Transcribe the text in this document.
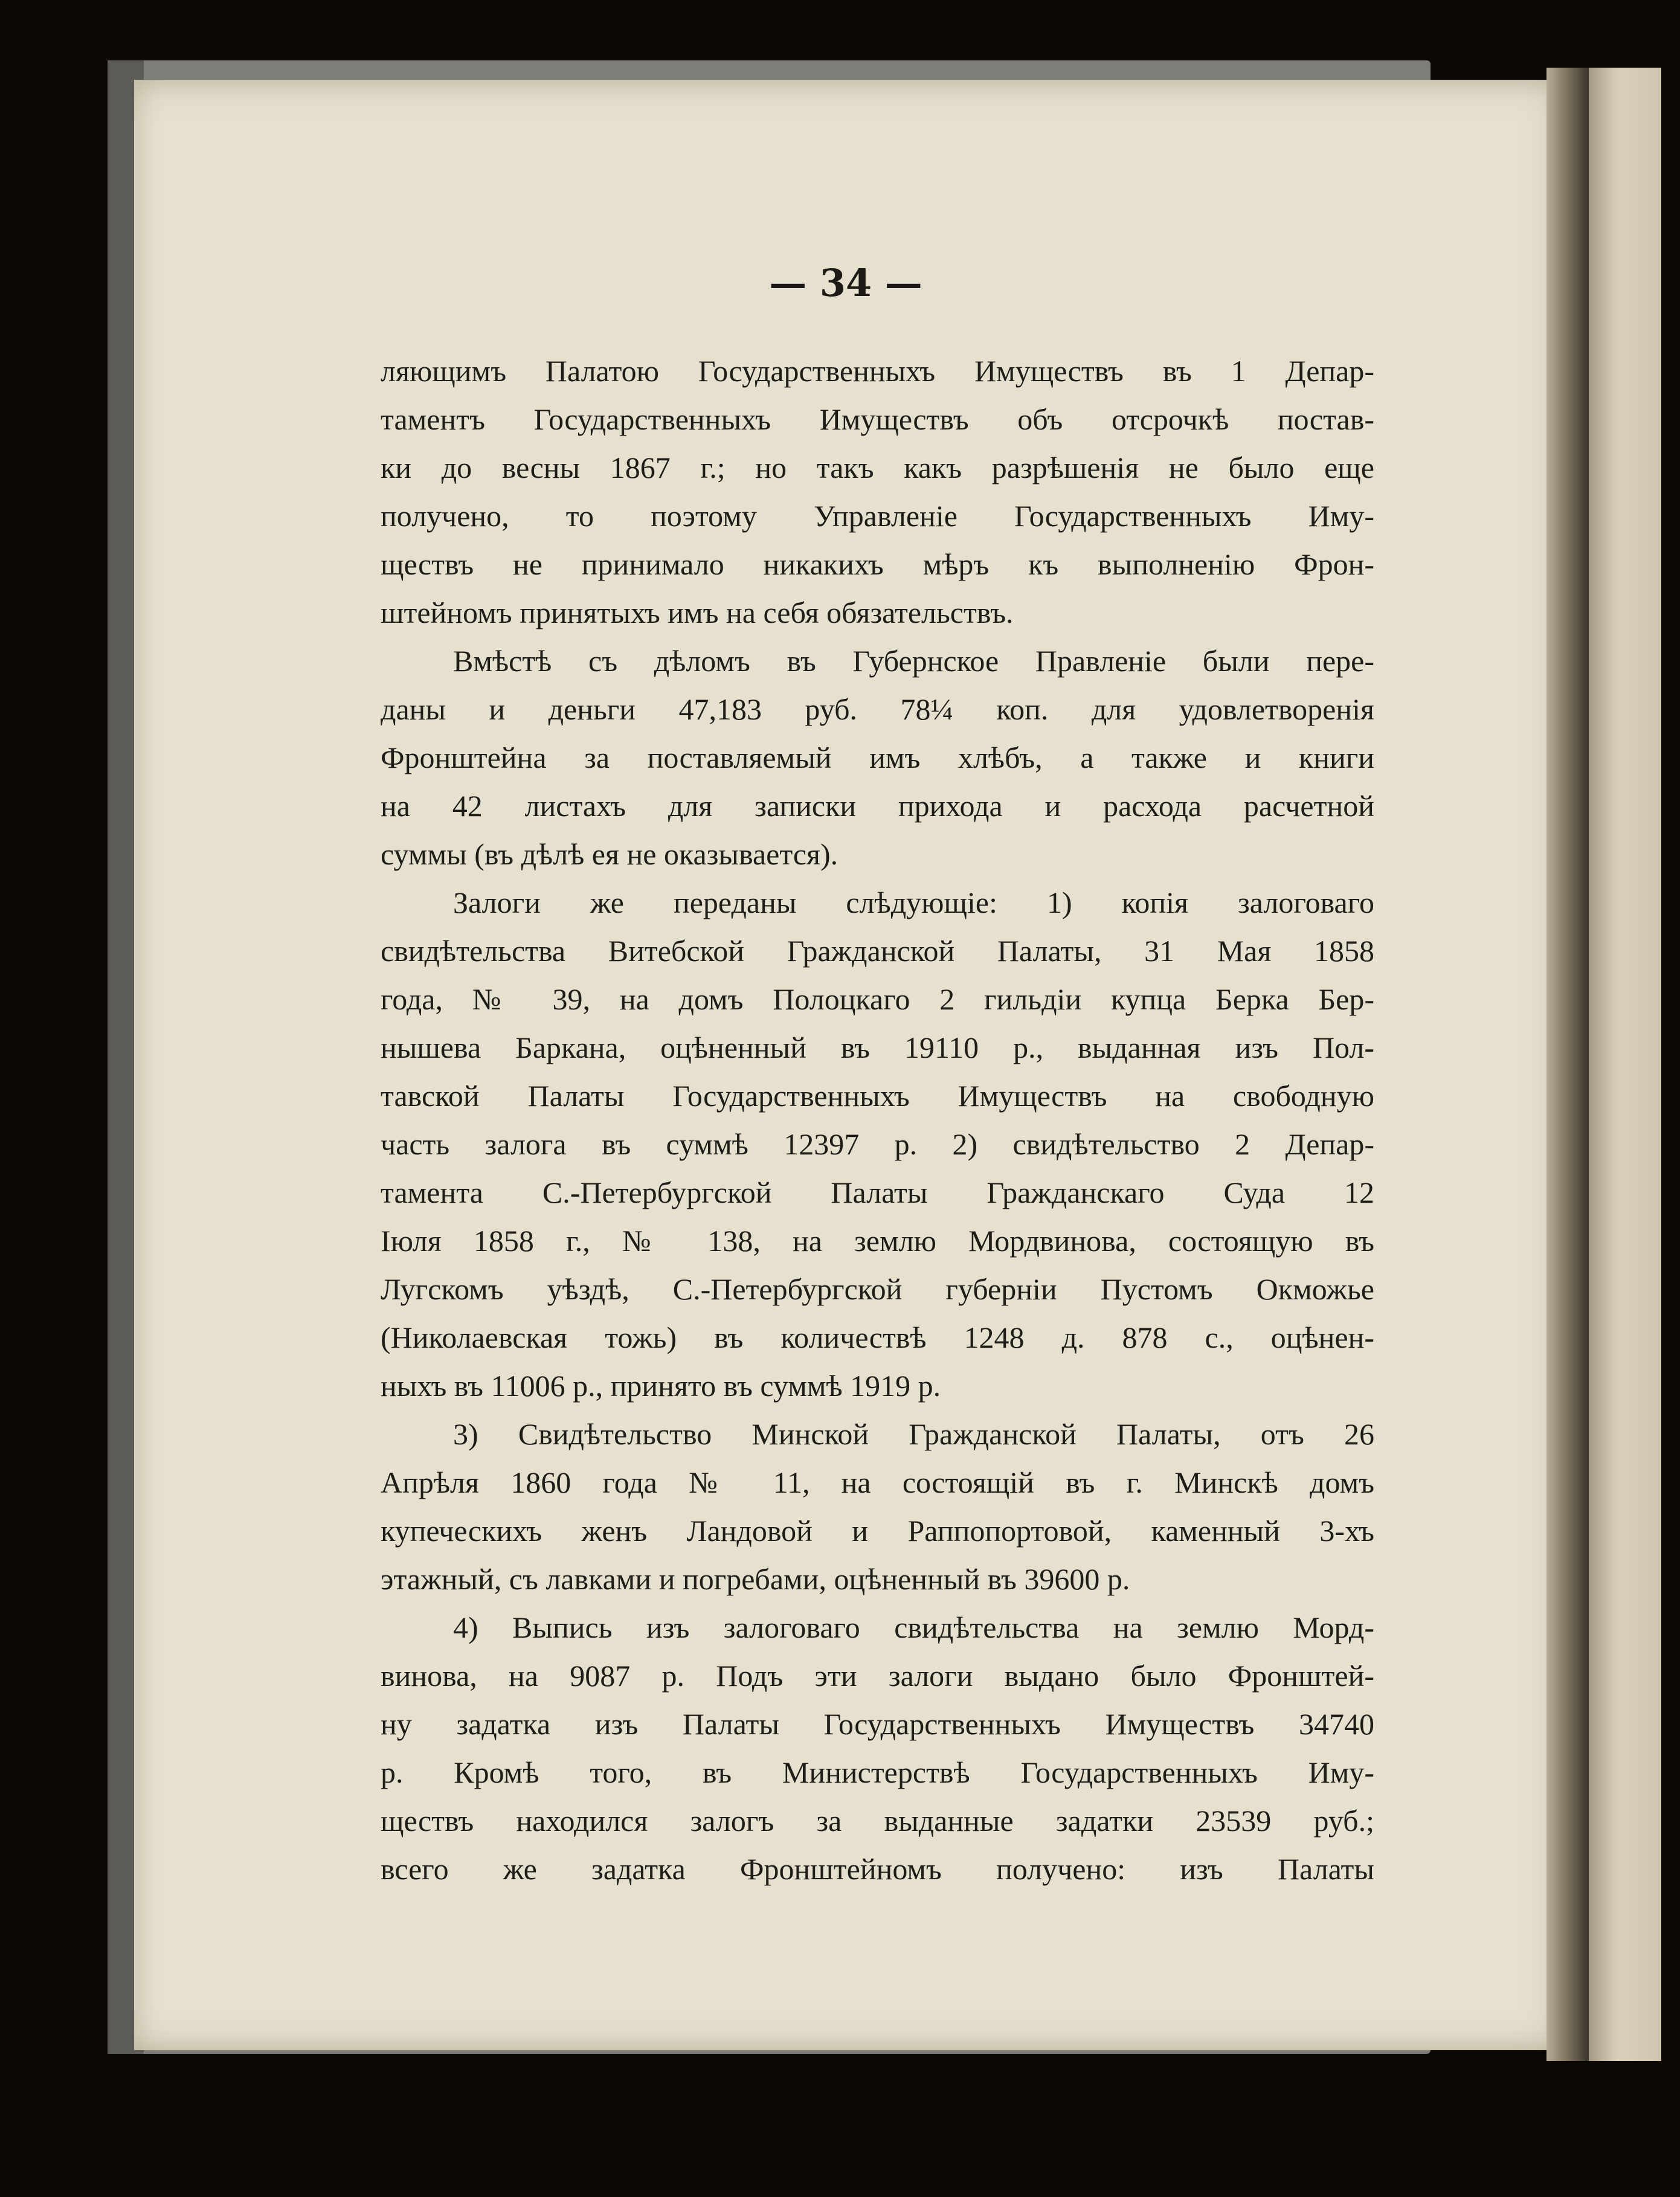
— 34 —
ляющимъ Палатою Государственныхъ Имуществъ въ 1 Депар-
таментъ Государственныхъ Имуществъ объ отсрочкѣ постав-
ки до весны 1867 г.; но такъ какъ разрѣшенія не было еще
получено, то поэтому Управленіе Государственныхъ Иму-
ществъ не принимало никакихъ мѣръ къ выполненію Фрон-
штейномъ принятыхъ имъ на себя обязательствъ.
Вмѣстѣ съ дѣломъ въ Губернское Правленіе были пере-
даны и деньги 47,183 руб. 78¼ коп. для удовлетворенія
Фронштейна за поставляемый имъ хлѣбъ, а также и книги
на 42 листахъ для записки прихода и расхода расчетной
суммы (въ дѣлѣ ея не оказывается).
Залоги же переданы слѣдующіе: 1) копія залоговаго
свидѣтельства Витебской Гражданской Палаты, 31 Мая 1858
года, № 39, на домъ Полоцкаго 2 гильдіи купца Берка Бер-
нышева Баркана, оцѣненный въ 19110 р., выданная изъ Пол-
тавской Палаты Государственныхъ Имуществъ на свободную
часть залога въ суммѣ 12397 р. 2) свидѣтельство 2 Депар-
тамента С.-Петербургской Палаты Гражданскаго Суда 12
Іюля 1858 г., № 138, на землю Мордвинова, состоящую въ
Лугскомъ уѣздѣ, С.-Петербургской губерніи Пустомъ Окможье
(Николаевская тожь) въ количествѣ 1248 д. 878 с., оцѣнен-
ныхъ въ 11006 р., принято въ суммѣ 1919 р.
3) Свидѣтельство Минской Гражданской Палаты, отъ 26
Апрѣля 1860 года № 11, на состоящій въ г. Минскѣ домъ
купеческихъ женъ Ландовой и Раппопортовой, каменный 3-хъ
этажный, съ лавками и погребами, оцѣненный въ 39600 р.
4) Выпись изъ залоговаго свидѣтельства на землю Морд-
винова, на 9087 р. Подъ эти залоги выдано было Фронштей-
ну задатка изъ Палаты Государственныхъ Имуществъ 34740
р. Кромѣ того, въ Министерствѣ Государственныхъ Иму-
ществъ находился залогъ за выданные задатки 23539 руб.;
всего же задатка Фронштейномъ получено: изъ Палаты
